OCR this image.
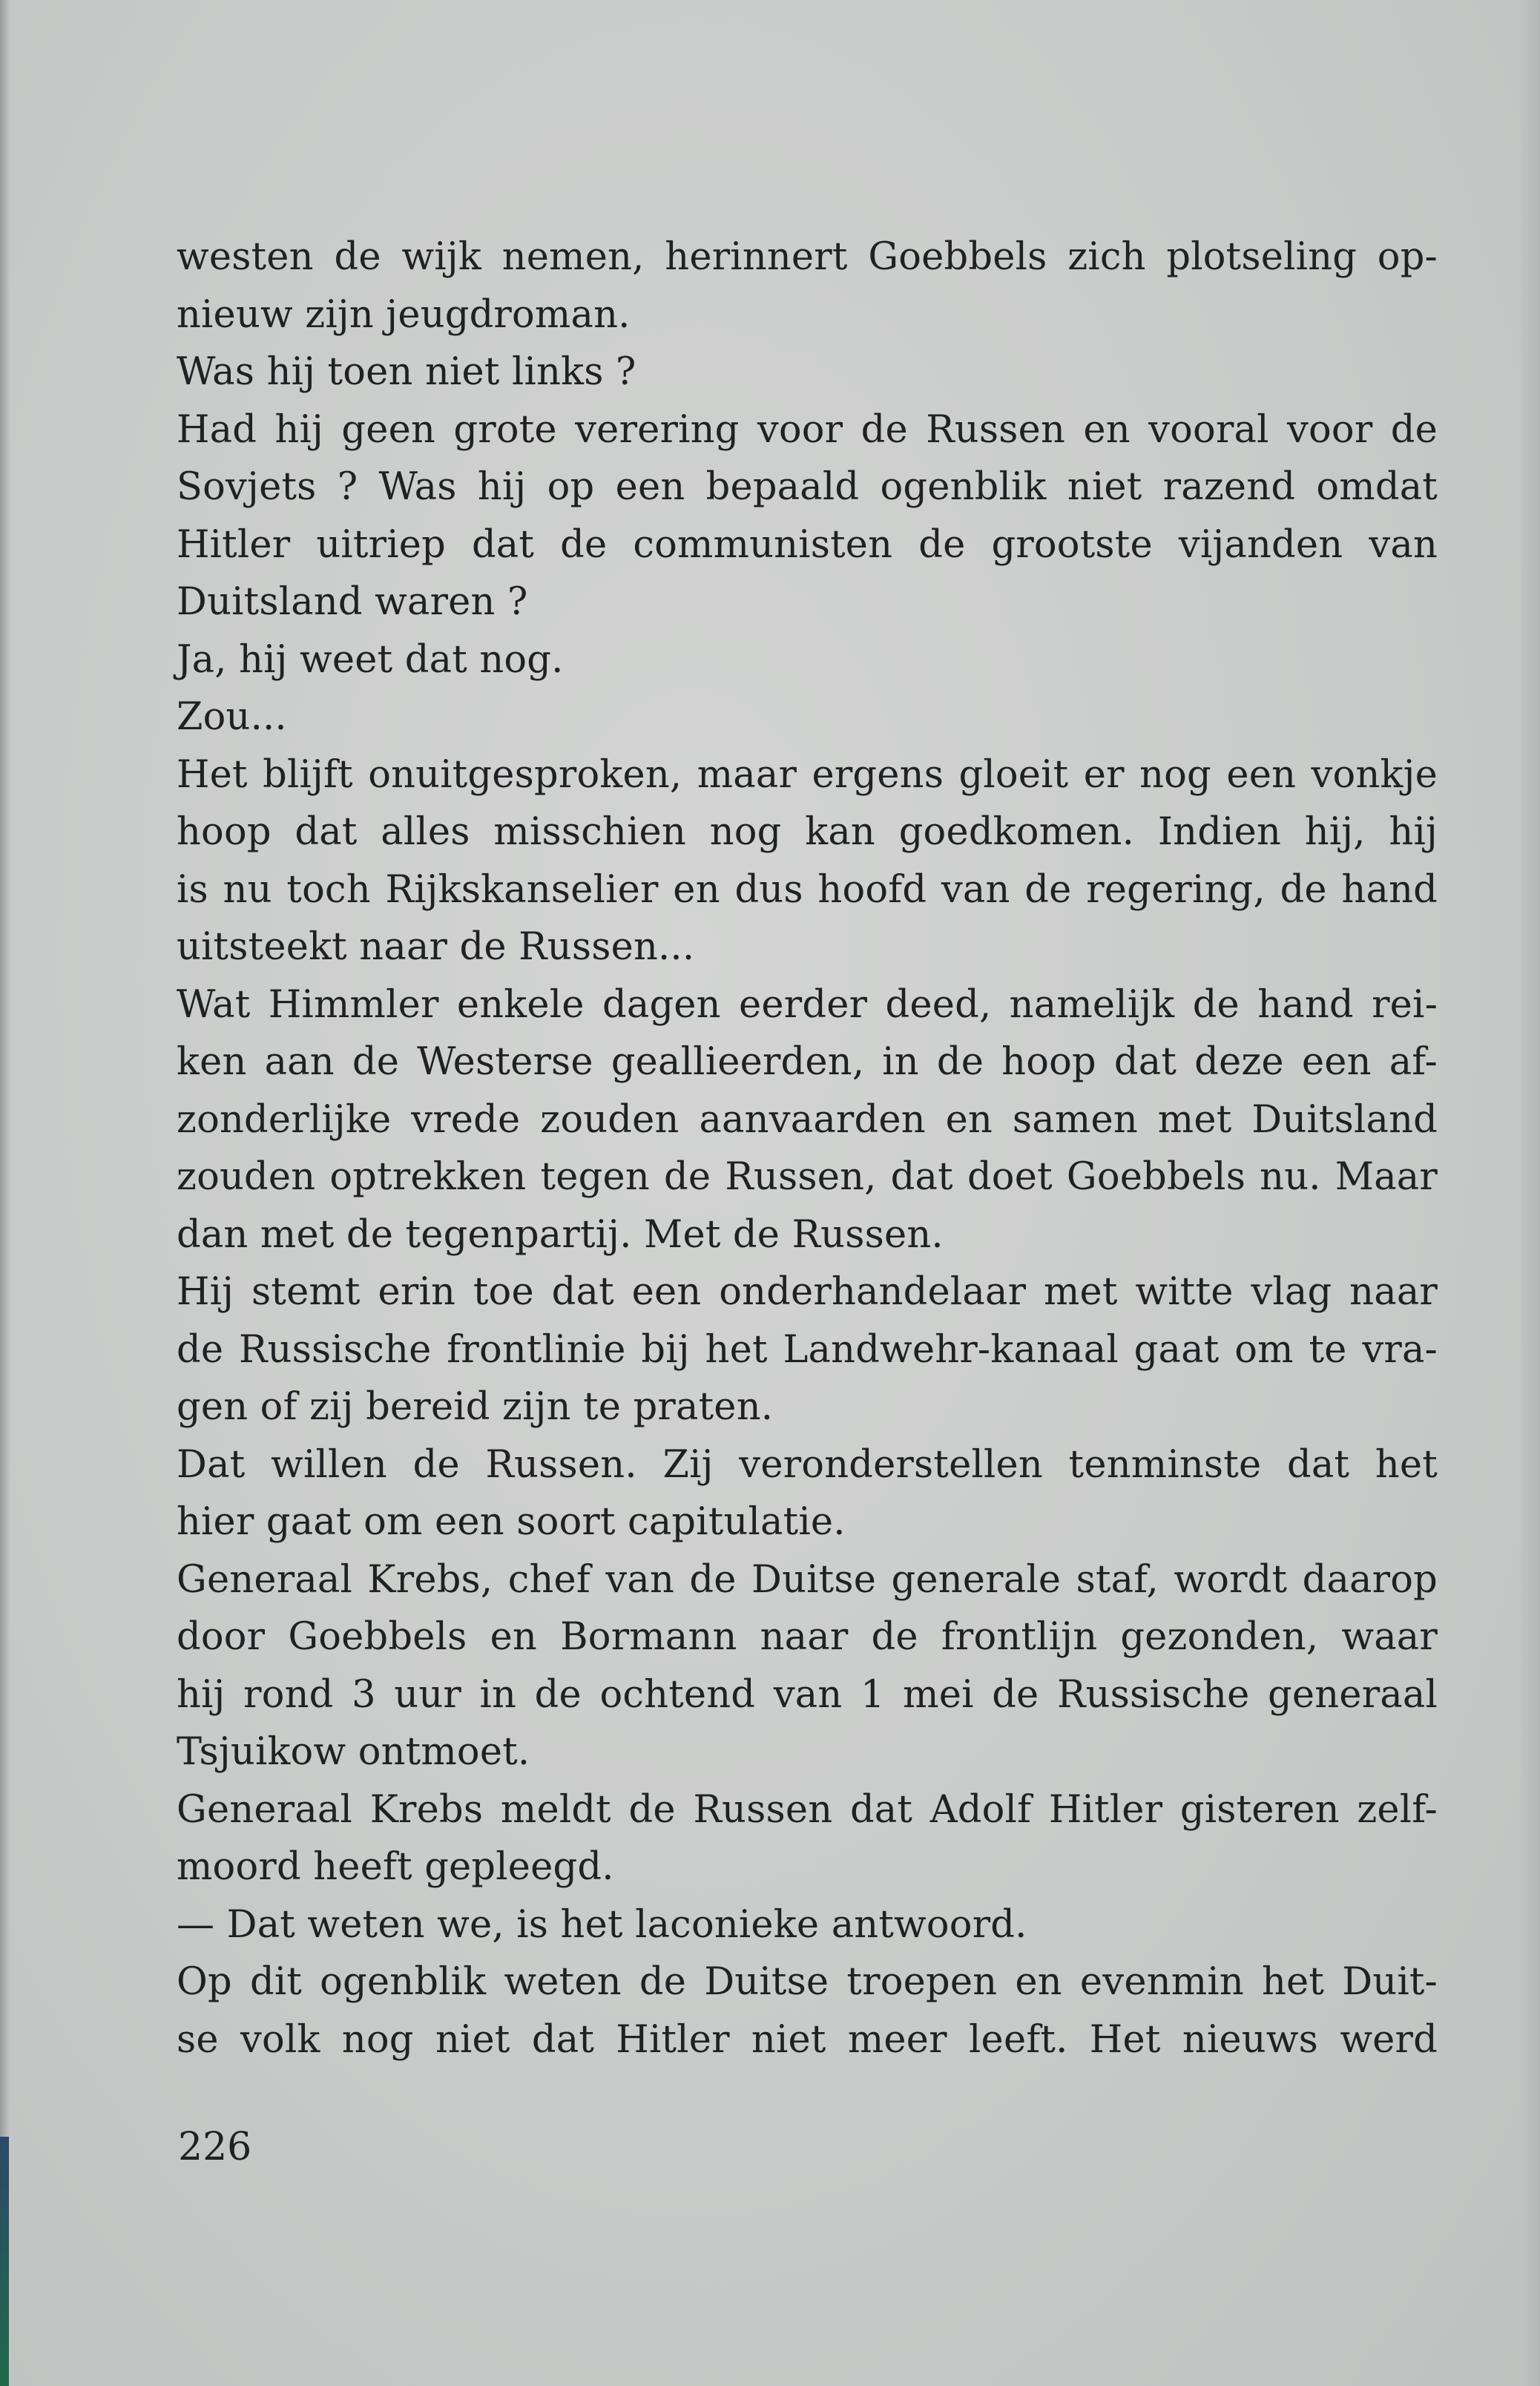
westen de wijk nemen, herinnert Goebbels zich plotseling op-
nieuw zijn jeugdroman.
Was hij toen niet links ?
Had hij geen grote verering voor de Russen en vooral voor de
Sovjets ? Was hij op een bepaald ogenblik niet razend omdat
Hitler uitriep dat de communisten de grootste vijanden van
Duitsland waren ?
Ja, hij weet dat nog.
Zou...
Het blijft onuitgesproken, maar ergens gloeit er nog een vonkje
hoop dat alles misschien nog kan goedkomen. Indien hij, hij
is nu toch Rijkskanselier en dus hoofd van de regering, de hand
uitsteekt naar de Russen...
Wat Himmler enkele dagen eerder deed, namelijk de hand rei-
ken aan de Westerse geallieerden, in de hoop dat deze een af-
zonderlijke vrede zouden aanvaarden en samen met Duitsland
zouden optrekken tegen de Russen, dat doet Goebbels nu. Maar
dan met de tegenpartij. Met de Russen.
Hij stemt erin toe dat een onderhandelaar met witte vlag naar
de Russische frontlinie bij het Landwehr-kanaal gaat om te vra-
gen of zij bereid zijn te praten.
Dat willen de Russen. Zij veronderstellen tenminste dat het
hier gaat om een soort capitulatie.
Generaal Krebs, chef van de Duitse generale staf, wordt daarop
door Goebbels en Bormann naar de frontlijn gezonden, waar
hij rond 3 uur in de ochtend van 1 mei de Russische generaal
Tsjuikow ontmoet.
Generaal Krebs meldt de Russen dat Adolf Hitler gisteren zelf-
moord heeft gepleegd.
— Dat weten we, is het laconieke antwoord.
Op dit ogenblik weten de Duitse troepen en evenmin het Duit-
se volk nog niet dat Hitler niet meer leeft. Het nieuws werd
226
